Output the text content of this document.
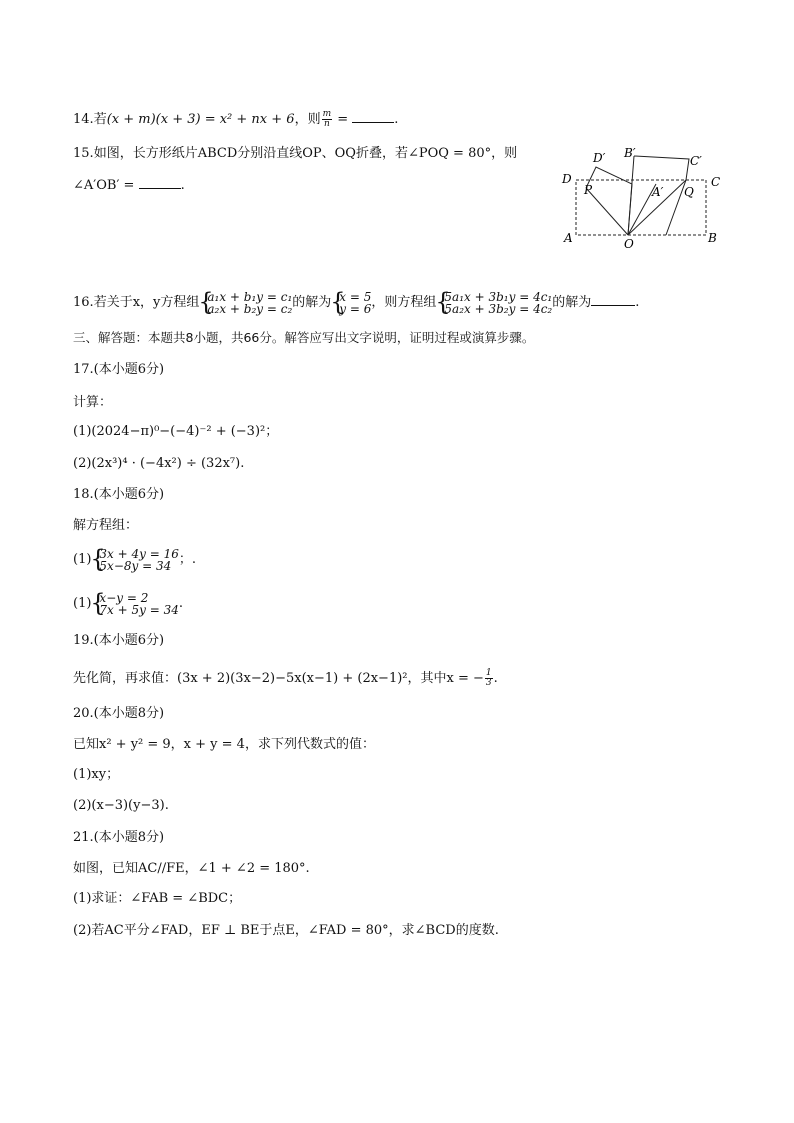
14.若(x + m)(x + 3) = x² + nx + 6，则 $\frac{m}{n}$ =	.
15.如图，长方形纸片ABCD分别沿直线OP、OQ折叠，若∠POQ = 80°，则
∠A′OB′ =	.
D′ B′
C′
D	C
P	A′ Q
A	O	B
16.若关于x，y方程组 { a₁x + b₁y = c₁
a₂x + b₂y = c₂ 的解为 { x = 5
y = 6 ，则方程组 { 5a₁x + 3b₁y = 4c₁
5a₂x + 3b₂y = 4c₂ 的解为	.
三、解答题：本题共8小题，共66分。解答应写出文字说明，证明过程或演算步骤。
17.(本小题6分)
计算：
(1)(2024−π)⁰−(−4)⁻² + (−3)²；
(2)(2x³)⁴ · (−4x²) ÷ (32x⁷).
18.(本小题6分)
解方程组：
(1) { 3x + 4y = 16
5x−8y = 34 ；.
(1) { x−y = 2
7x + 5y = 34 .
19.(本小题6分)
先化简，再求值：(3x + 2)(3x−2)−5x(x−1) + (2x−1)²，其中x = − $\frac{1}{3}$ .
20.(本小题8分)
已知x² + y² = 9，x + y = 4，求下列代数式的值：
(1)xy；
(2)(x−3)(y−3).
21.(本小题8分)
如图，已知AC//FE，∠1 + ∠2 = 180°.
(1)求证：∠FAB = ∠BDC；
(2)若AC平分∠FAD，EF ⊥ BE于点E，∠FAD = 80°，求∠BCD的度数.
